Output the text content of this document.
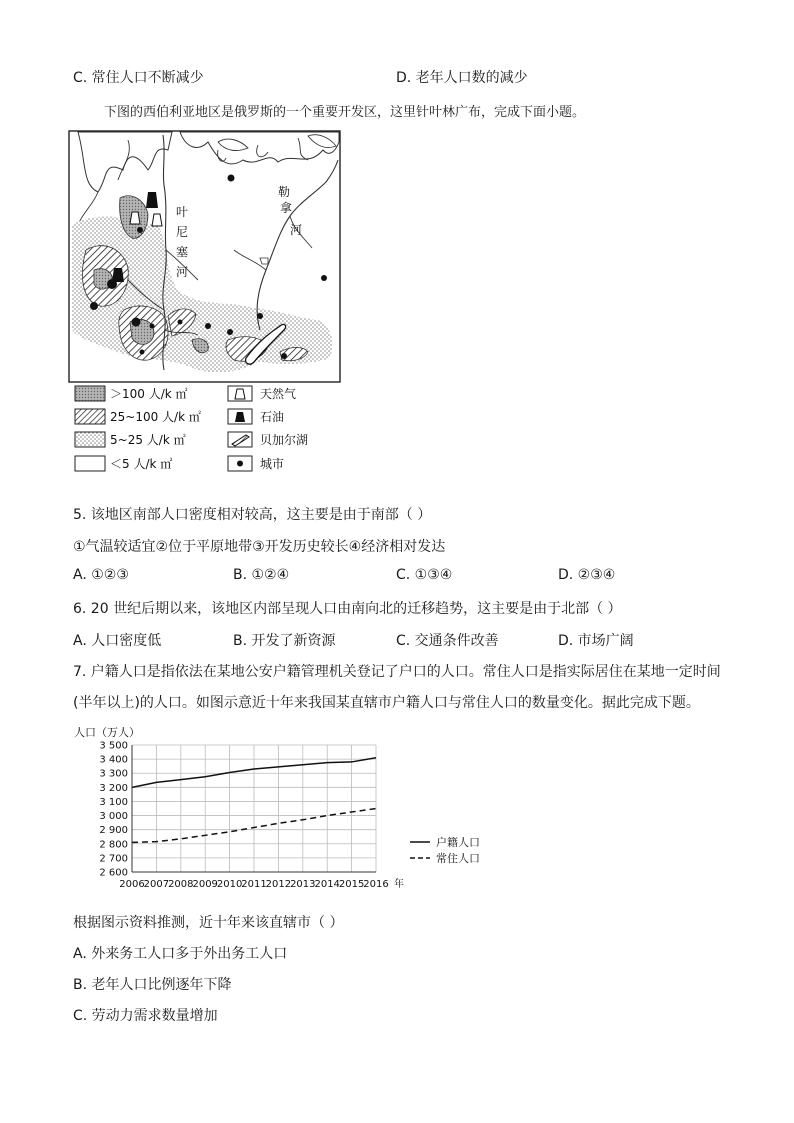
C. 常住人口不断减少	D. 老年人口数的减少
下图的西伯利亚地区是俄罗斯的一个重要开发区，这里针叶林广布，完成下面小题。
叶
尼
塞
河
勒
拿
河
＞100 人/k ㎡
25~100 人/k ㎡
5~25 人/k ㎡
＜5 人/k ㎡
天然气
石油
贝加尔湖
城市
5. 该地区南部人口密度相对较高，这主要是由于南部（ ）
①气温较适宜②位于平原地带③开发历史较长④经济相对发达
A. ①②③	B. ①②④	C. ①③④	D. ②③④
6. 20 世纪后期以来，该地区内部呈现人口由南向北的迁移趋势，这主要是由于北部（ ）
A. 人口密度低	B. 开发了新资源	C. 交通条件改善	D. 市场广阔
7. 户籍人口是指依法在某地公安户籍管理机关登记了户口的人口。常住人口是指实际居住在某地一定时间
(半年以上)的人口。如图示意近十年来我国某直辖市户籍人口与常住人口的数量变化。据此完成下题。
人口（万人）
2 600
2 700
2 800
2 900
3 000
3 100
3 200
3 300
3 400
3 500
2006
2007
2008
2009
2010
2011
2012
2013
2014
2015
2016 年
户籍人口
常住人口
根据图示资料推测，近十年来该直辖市（ ）
A. 外来务工人口多于外出务工人口
B. 老年人口比例逐年下降
C. 劳动力需求数量增加
